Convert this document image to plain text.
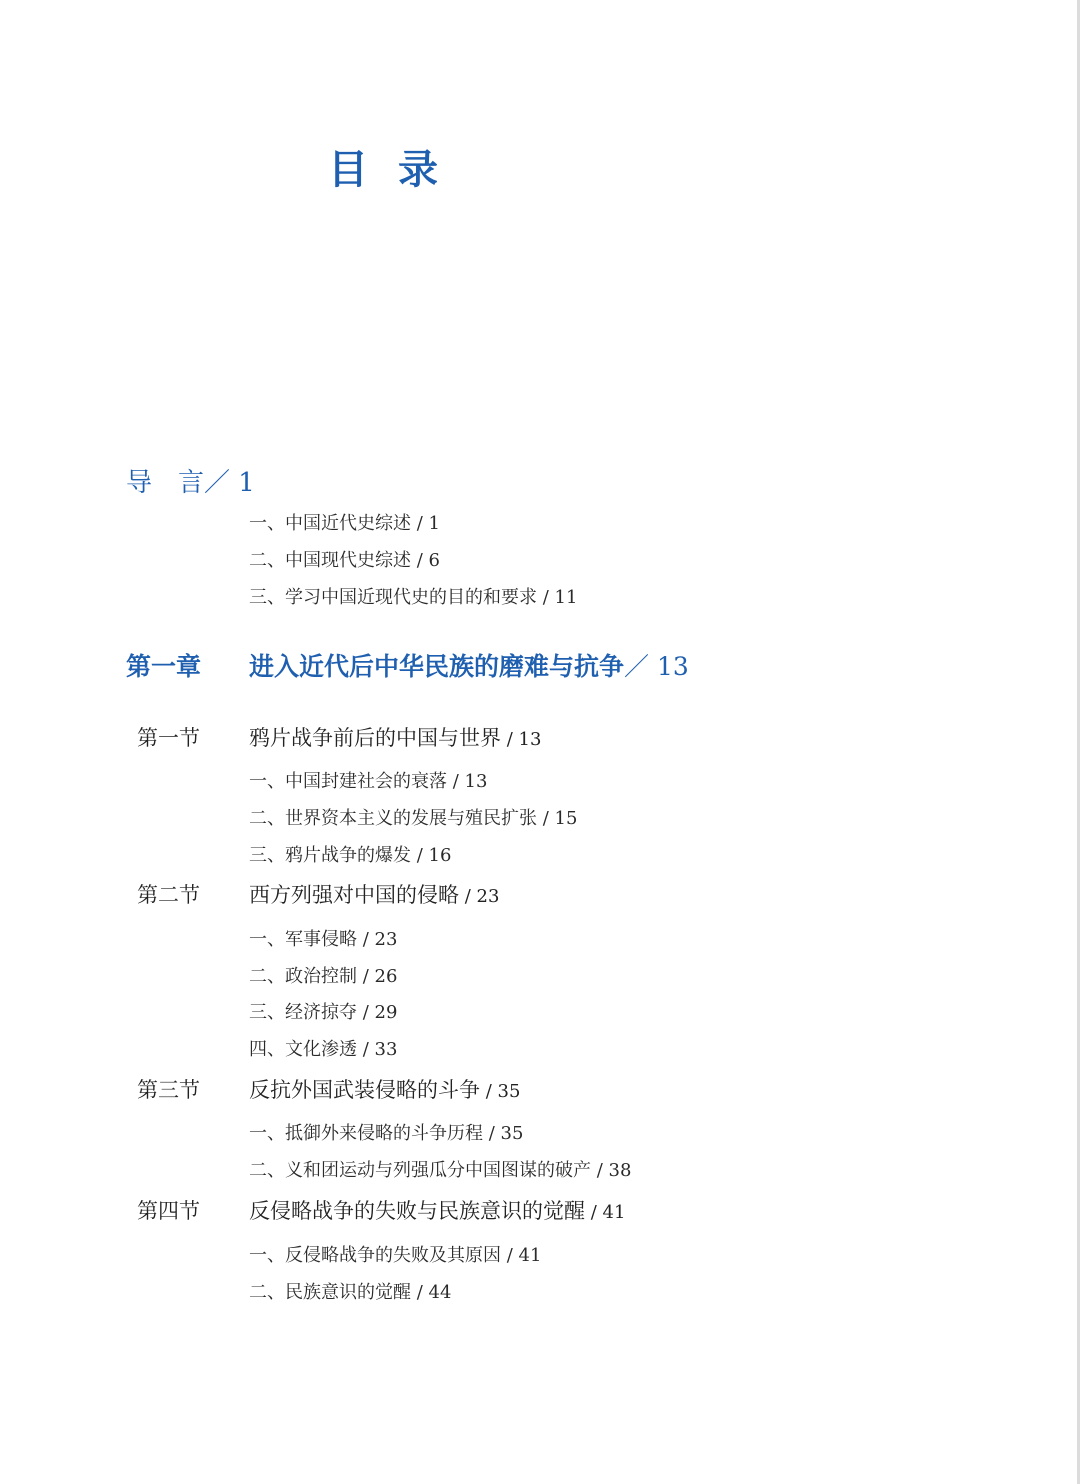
目录
导　言／ 1
一、中国近代史综述 / 1
二、中国现代史综述 / 6
三、学习中国近现代史的目的和要求 / 11
第一章 进入近代后中华民族的磨难与抗争／ 13
第一节 鸦片战争前后的中国与世界 / 13
一、中国封建社会的衰落 / 13
二、世界资本主义的发展与殖民扩张 / 15
三、鸦片战争的爆发 / 16
第二节 西方列强对中国的侵略 / 23
一、军事侵略 / 23
二、政治控制 / 26
三、经济掠夺 / 29
四、文化渗透 / 33
第三节 反抗外国武装侵略的斗争 / 35
一、抵御外来侵略的斗争历程 / 35
二、义和团运动与列强瓜分中国图谋的破产 / 38
第四节 反侵略战争的失败与民族意识的觉醒 / 41
一、反侵略战争的失败及其原因 / 41
二、民族意识的觉醒 / 44
